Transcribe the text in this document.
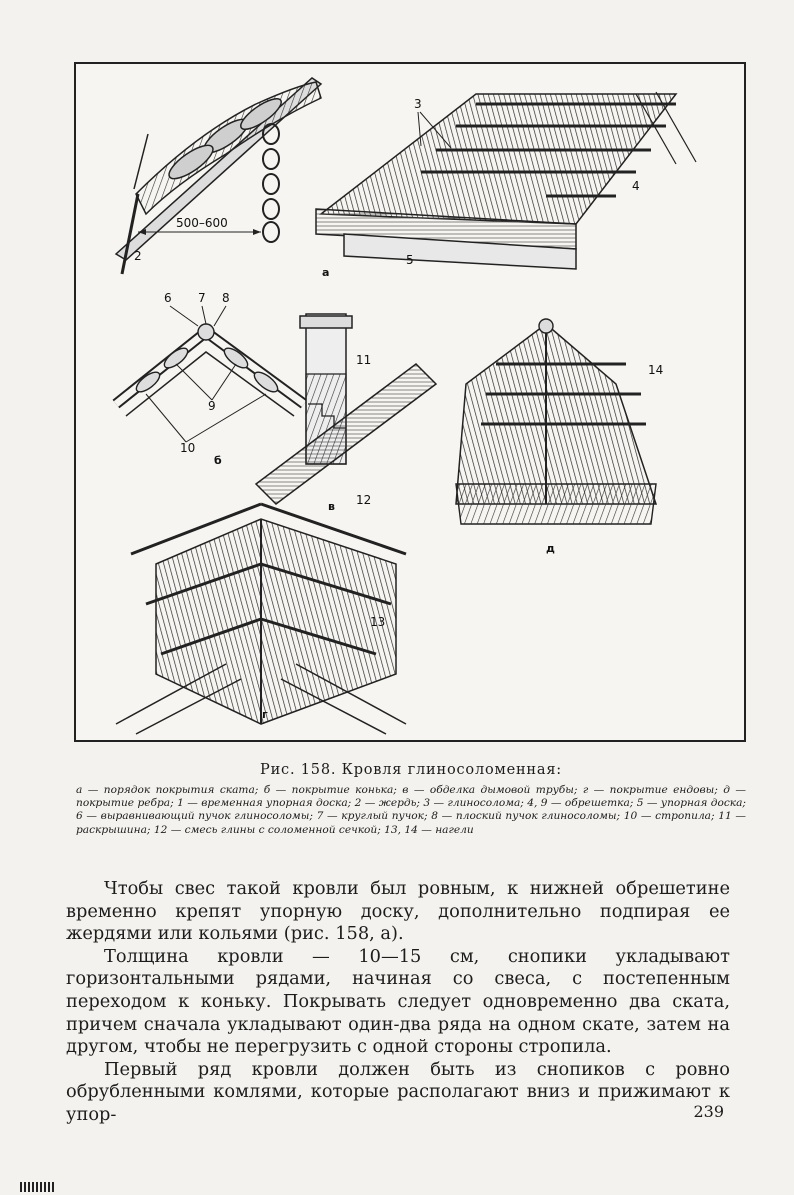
500–600
2
3
4
5
а
6 7 8
9
10
б
11
12
в
14
д
13
г

Рис. 158. Кровля глиносоломенная:

а — порядок покрытия ската; б — покрытие конька; в — обделка дымовой трубы; г — покрытие ендовы; д — покрытие ребра; 1 — временная упорная доска; 2 — жердь; 3 — глиносолома; 4, 9 — обрешетка; 5 — упорная доска; 6 — выравнивающий пучок глиносоломы; 7 — круглый пучок; 8 — плоский пучок глиносоломы; 10 — стропила; 11 — раскрышина; 12 — смесь глины с соломенной сечкой; 13, 14 — нагели

Чтобы свес такой кровли был ровным, к нижней обрешетине временно крепят упорную доску, дополнительно подпирая ее жердями или кольями (рис. 158, а).

Толщина кровли — 10—15 см, снопики укладывают горизонтальными рядами, начиная со свеса, с постепенным переходом к коньку. Покрывать следует одновременно два ската, причем сначала укладывают один-два ряда на одном скате, затем на другом, чтобы не перегрузить с одной стороны стропила.

Первый ряд кровли должен быть из снопиков с ровно обрубленными комлями, которые располагают вниз и прижимают к упор-	239
